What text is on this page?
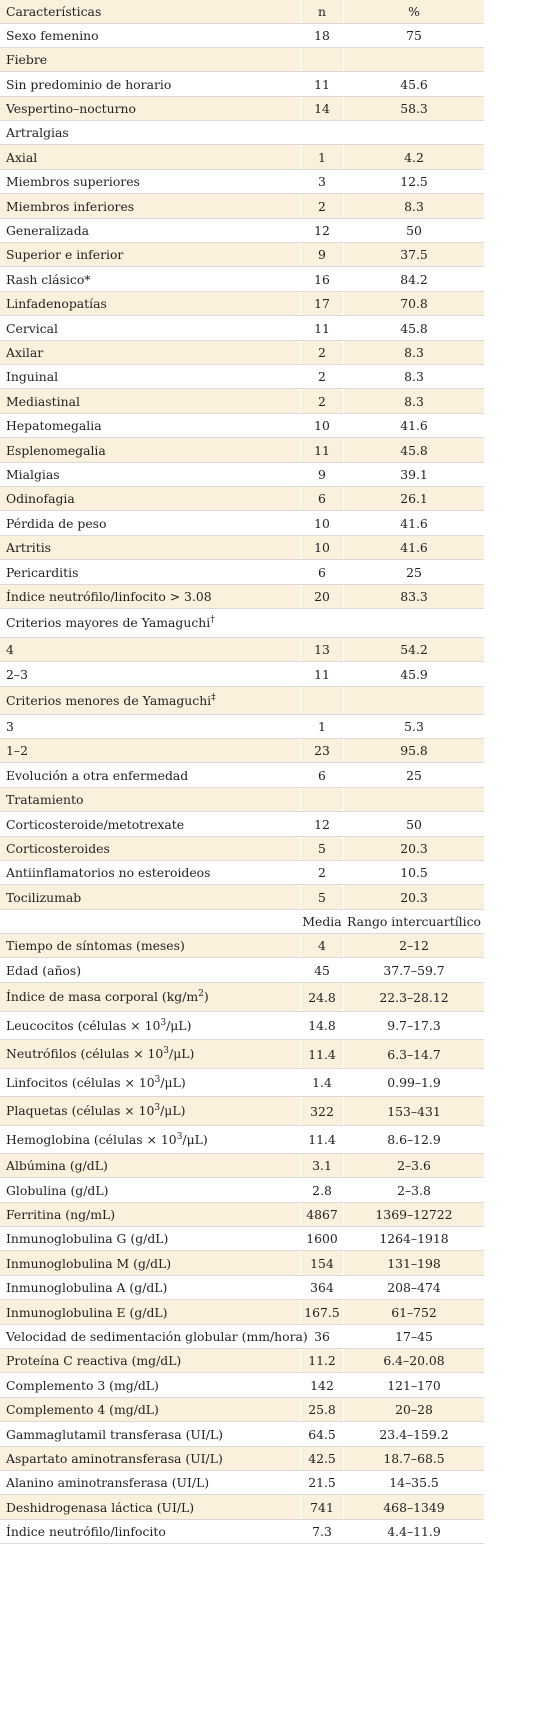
Características	n	%
Sexo femenino	18	75
Fiebre
Sin predominio de horario	11	45.6
Vespertino–nocturno	14	58.3
Artralgias
Axial	1	4.2
Miembros superiores	3	12.5
Miembros inferiores	2	8.3
Generalizada	12	50
Superior e inferior	9	37.5
Rash clásico*	16	84.2
Linfadenopatías	17	70.8
Cervical	11	45.8
Axilar	2	8.3
Inguinal	2	8.3
Mediastinal	2	8.3
Hepatomegalia	10	41.6
Esplenomegalia	11	45.8
Mialgias	9	39.1
Odinofagia	6	26.1
Pérdida de peso	10	41.6
Artritis	10	41.6
Pericarditis	6	25
Índice neutrófilo/linfocito > 3.08	20	83.3
Criterios mayores de Yamaguchi†
4	13	54.2
2–3	11	45.9
Criterios menores de Yamaguchi‡
3	1	5.3
1–2	23	95.8
Evolución a otra enfermedad	6	25
Tratamiento
Corticosteroide/metotrexate	12	50
Corticosteroides	5	20.3
Antiinflamatorios no esteroideos	2	10.5
Tocilizumab	5	20.3
Media Rango intercuartílico
Tiempo de síntomas (meses)	4	2–12
Edad (años)	45	37.7–59.7
Índice de masa corporal $(kg/m^2)$	24.8	22.3–28.12
Leucocitos (células × $10^3/\mu L$)	14.8	9.7–17.3
Neutrófilos (células × $10^3/\mu L$)	11.4	6.3–14.7
Linfocitos (células × $10^3/\mu L$)	1.4	0.99–1.9
Plaquetas (células × $10^3/\mu L$)	322	153–431
Hemoglobina (células × $10^3/\mu L$)	11.4	8.6–12.9
Albúmina (g/dL)	3.1	2–3.6
Globulina (g/dL)	2.8	2–3.8
Ferritina (ng/mL)	4867	1369–12722
Inmunoglobulina G (g/dL)	1600	1264–1918
Inmunoglobulina M (g/dL)	154	131–198
Inmunoglobulina A (g/dL)	364	208–474
Inmunoglobulina E (g/dL)	167.5	61–752
Velocidad de sedimentación globular (mm/hora) 36	17–45
Proteína C reactiva (mg/dL)	11.2	6.4–20.08
Complemento 3 (mg/dL)	142	121–170
Complemento 4 (mg/dL)	25.8	20–28
Gammaglutamil transferasa (UI/L)	64.5	23.4–159.2
Aspartato aminotransferasa (UI/L)	42.5	18.7–68.5
Alanino aminotransferasa (UI/L)	21.5	14–35.5
Deshidrogenasa láctica (UI/L)	741	468–1349
Índice neutrófilo/linfocito	7.3	4.4–11.9
